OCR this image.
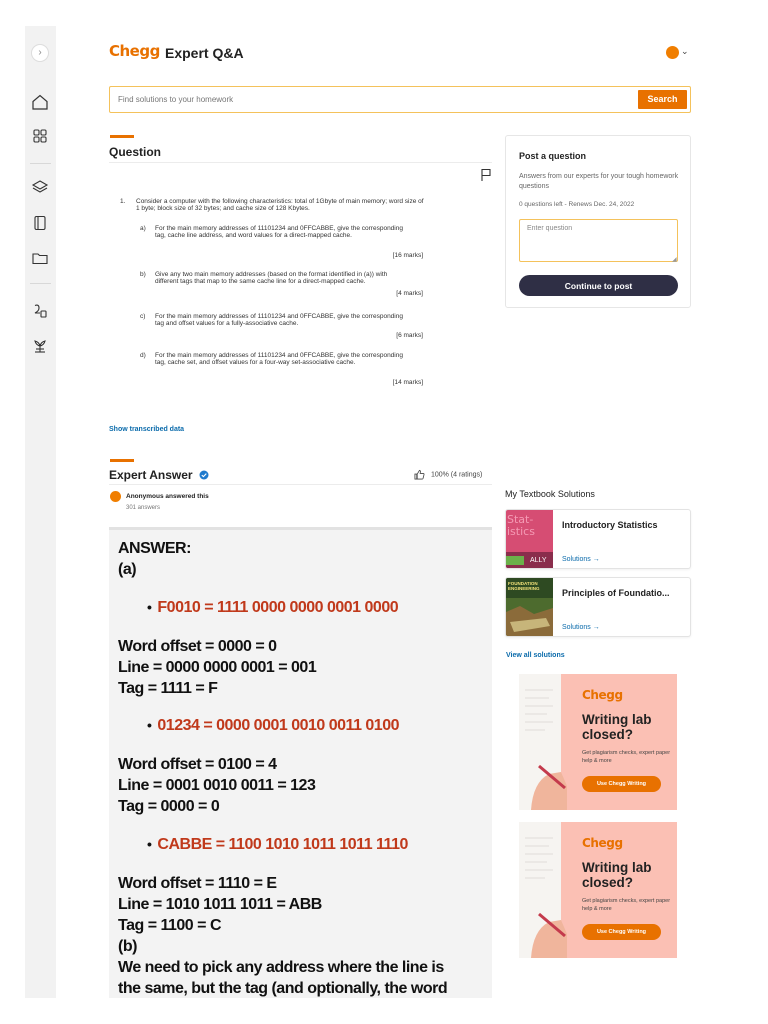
›	Chegg Expert Q&A	⌄
Find solutions to your homework
Search
Question
1. Consider a computer with the following characteristics: total of 1Gbyte of main memory; word size of 1 byte; block size of 32 bytes; and cache size of 128 Kbytes.
a) For the main memory addresses of 11101234 and 0FFCABBE, give the corresponding tag, cache line address, and word values for a direct-mapped cache.
[16 marks]
b) Give any two main memory addresses (based on the format identified in (a)) with different tags that map to the same cache line for a direct-mapped cache.
[4 marks]
c) For the main memory addresses of 11101234 and 0FFCABBE, give the corresponding tag and offset values for a fully-associative cache.
[6 marks]
d) For the main memory addresses of 11101234 and 0FFCABBE, give the corresponding tag, cache set, and offset values for a four-way set-associative cache.
[14 marks]
Show transcribed data
Expert Answer	100% (4 ratings)
Anonymous answered this
301 answers
ANSWER:
(a)
• F0010 = 1111 0000 0000 0001 0000
Word offset = 0000 = 0
Line = 0000 0000 0001 = 001
Tag = 1111 = F
• 01234 = 0000 0001 0010 0011 0100
Word offset = 0100 = 4
Line = 0001 0010 0011 = 123
Tag = 0000 = 0
• CABBE = 1100 1010 1011 1011 1110
Word offset = 1110 = E
Line = 1010 1011 1011 = ABB
Tag = 1100 = C
(b)
We need to pick any address where the line is
the same, but the tag (and optionally, the word
Post a question
Answers from our experts for your tough homework questions
0 questions left - Renews Dec. 24, 2022
Enter question
◢
Continue to post
My Textbook Solutions
Stat-istics
ALLY
Introductory Statistics
Solutions →
FOUNDATION ENGINEERING	Principles of Foundatio...
Solutions →
View all solutions
Chegg
Writing lab closed?
Get plagiarism checks, expert paper help & more
Use Chegg Writing
Chegg
Writing lab closed?
Get plagiarism checks, expert paper help & more
Use Chegg Writing
